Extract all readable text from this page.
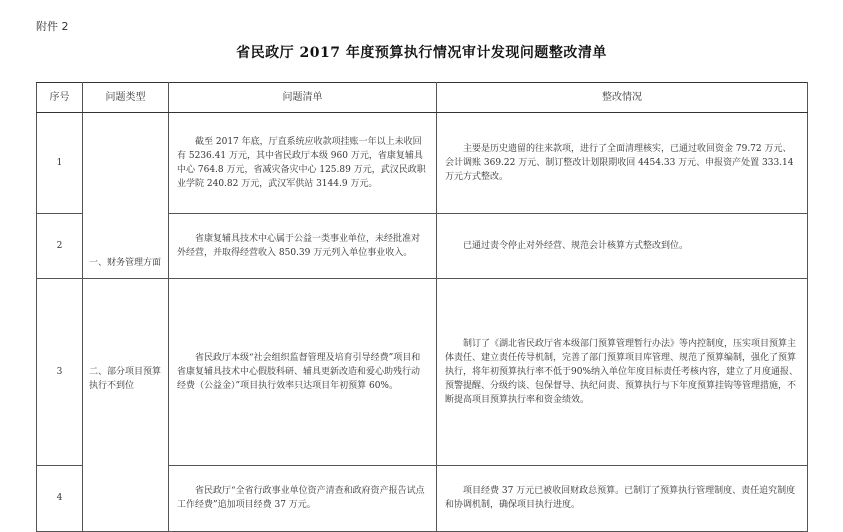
附件 2
省民政厅 2017 年度预算执行情况审计发现问题整改清单
序号	问题类型	问题清单	整改情况
1	一、财务管理方面	截至 2017 年底，厅直系统应收款项挂账一年以上未收回有 5236.41 万元，其中省民政厅本级 960 万元，省康复辅具中心 764.8 万元，省减灾备灾中心 125.89 万元，武汉民政职业学院 240.82 万元，武汉军供站 3144.9 万元。	主要是历史遗留的往来款项，进行了全面清理核实，已通过收回资金 79.72 万元、会计调账 369.22 万元、制订整改计划限期收回 4454.33 万元、申报资产处置 333.14 万元方式整改。
2		省康复辅具技术中心属于公益一类事业单位，未经批准对外经营，并取得经营收入 850.39 万元列入单位事业收入。	已通过责令停止对外经营、规范会计核算方式整改到位。
3	二、部分项目预算执行不到位	省民政厅本级“社会组织监督管理及培育引导经费”项目和省康复辅具技术中心假肢科研、辅具更新改造和爱心助残行动经费（公益金）”项目执行效率只达项目年初预算 60%。	制订了《湖北省民政厅省本级部门预算管理暂行办法》等内控制度，压实项目预算主体责任、建立责任传导机制，完善了部门预算项目库管理、规范了预算编制，强化了预算执行，将年初预算执行率不低于90%纳入单位年度目标责任考核内容，建立了月度通报、预警提醒、分级约谈、包保督导、执纪问责、预算执行与下年度预算挂钩等管理措施，不断提高项目预算执行率和资金绩效。
4		省民政厅“全省行政事业单位资产清查和政府资产报告试点工作经费”追加项目经费 37 万元。	项目经费 37 万元已被收回财政总预算。已制订了预算执行管理制度、责任追究制度和协调机制，确保项目执行进度。
